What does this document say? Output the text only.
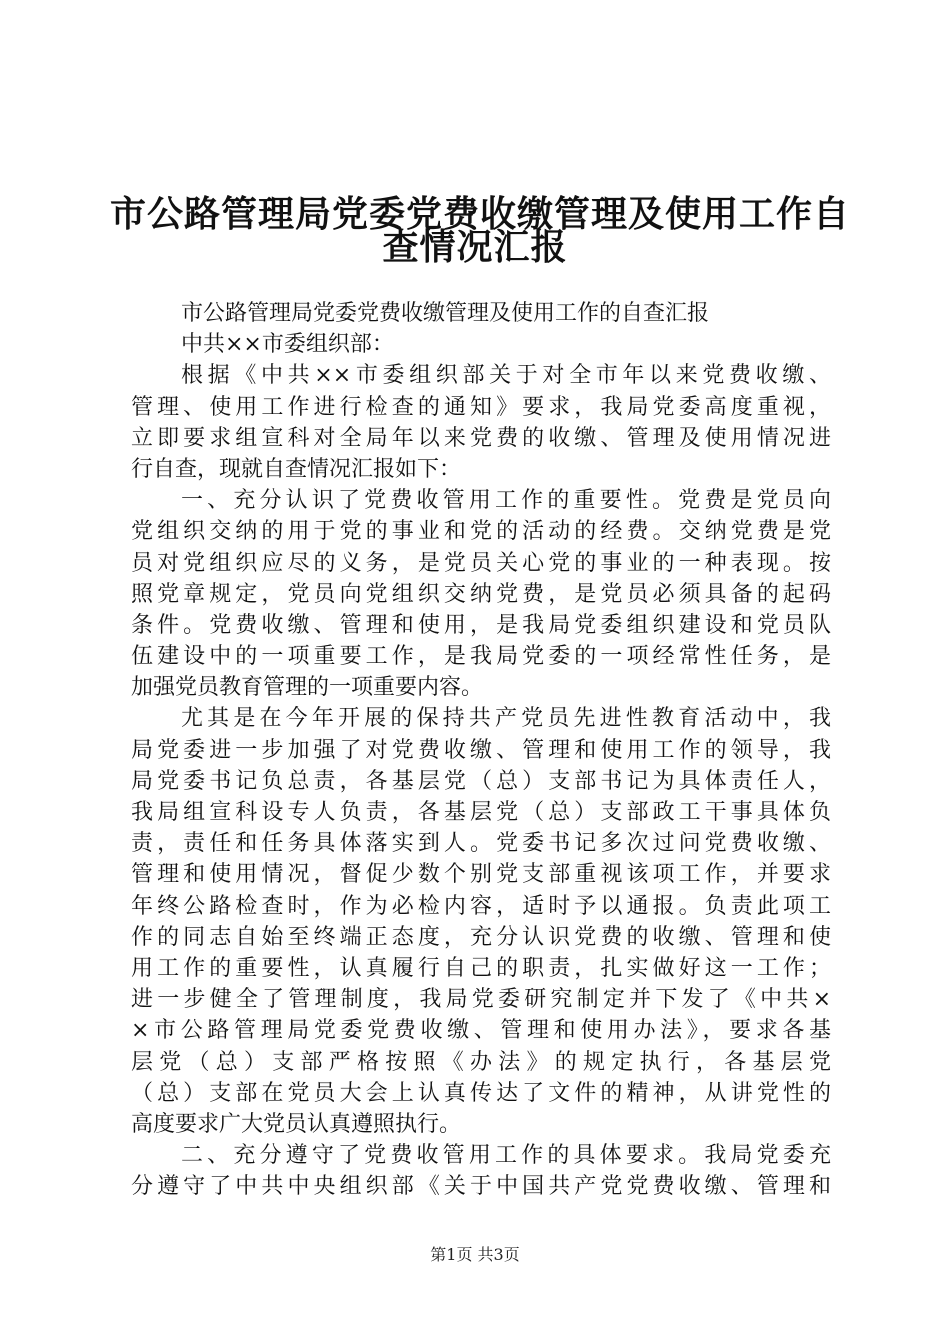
市公路管理局党委党费收缴管理及使用工作自
查情况汇报
市公路管理局党委党费收缴管理及使用工作的自查汇报
中共××市委组织部：
根据《中共××市委组织部关于对全市年以来党费收缴、
管理、使用工作进行检查的通知》要求，我局党委高度重视，
立即要求组宣科对全局年以来党费的收缴、管理及使用情况进
行自查，现就自查情况汇报如下：
一、充分认识了党费收管用工作的重要性。党费是党员向
党组织交纳的用于党的事业和党的活动的经费。交纳党费是党
员对党组织应尽的义务，是党员关心党的事业的一种表现。按
照党章规定，党员向党组织交纳党费，是党员必须具备的起码
条件。党费收缴、管理和使用，是我局党委组织建设和党员队
伍建设中的一项重要工作，是我局党委的一项经常性任务，是
加强党员教育管理的一项重要内容。
尤其是在今年开展的保持共产党员先进性教育活动中，我
局党委进一步加强了对党费收缴、管理和使用工作的领导，我
局党委书记负总责，各基层党（总）支部书记为具体责任人，
我局组宣科设专人负责，各基层党（总）支部政工干事具体负
责，责任和任务具体落实到人。党委书记多次过问党费收缴、
管理和使用情况，督促少数个别党支部重视该项工作，并要求
年终公路检查时，作为必检内容，适时予以通报。负责此项工
作的同志自始至终端正态度，充分认识党费的收缴、管理和使
用工作的重要性，认真履行自己的职责，扎实做好这一工作；
进一步健全了管理制度，我局党委研究制定并下发了《中共×
×市公路管理局党委党费收缴、管理和使用办法》，要求各基
层党（总）支部严格按照《办法》的规定执行，各基层党
（总）支部在党员大会上认真传达了文件的精神，从讲党性的
高度要求广大党员认真遵照执行。
二、充分遵守了党费收管用工作的具体要求。我局党委充
分遵守了中共中央组织部《关于中国共产党党费收缴、管理和
第1页 共3页
